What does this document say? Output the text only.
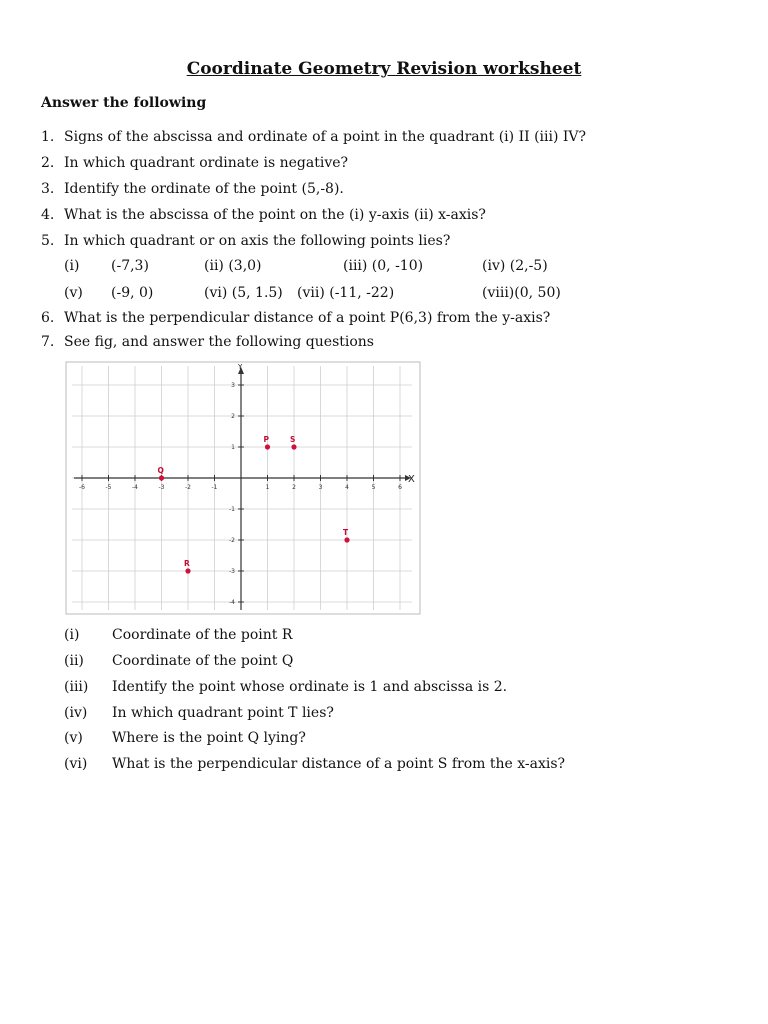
Coordinate Geometry Revision worksheet
Answer the following
1. Signs of the abscissa and ordinate of a point in the quadrant (i) II (iii) IV?
2. In which quadrant ordinate is negative?
3. Identify the ordinate of the point (5,-8).
4. What is the abscissa of the point on the (i) y-axis (ii) x-axis?
5. In which quadrant or on axis the following points lies?
(i) (-7,3)	(ii) (3,0)	(iii) (0, -10)	(iv) (2,-5)
(v) (-9, 0)	(vi) (5, 1.5) (vii) (-11, -22)	(viii)(0, 50)
6. What is the perpendicular distance of a point P(6,3) from the y-axis?
7. See fig, and answer the following questions
X
Y
-6	-5	-4	-3	-2	-1	1	2	3	4	5	6
3
2
1
-1
-2
-3
-4
P	S
Q
R
T
(i) Coordinate of the point R
(ii) Coordinate of the point Q
(iii) Identify the point whose ordinate is 1 and abscissa is 2.
(iv) In which quadrant point T lies?
(v) Where is the point Q lying?
(vi) What is the perpendicular distance of a point S from the x-axis?
